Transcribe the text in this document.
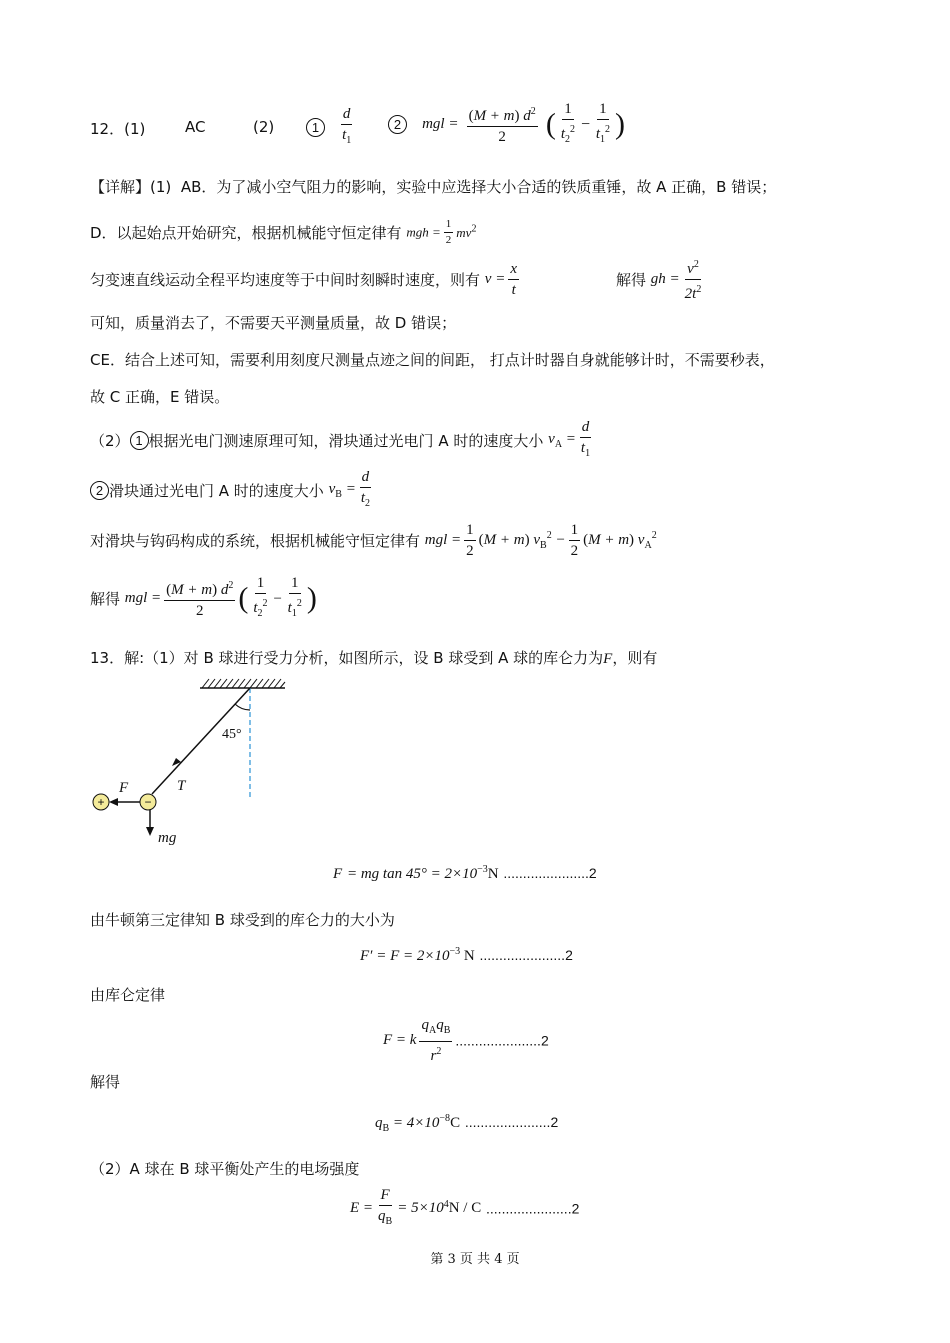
12．(1)	AC	(2)	$1 \frac{d}{t_1}$	2 mgl = $\frac{(M + m) d^2}{2}$ ( $\frac{1}{t_2^2} - \frac{1}{t_1^2}$ )
【详解】(1) AB．为了减小空气阻力的影响，实验中应选择大小合适的铁质重锤，故 A 正确，B 错误；
D．以起始点开始研究，根据机械能守恒定律有 mgh = $\frac{1}{2} mv^2$
匀变速直线运动全程平均速度等于中间时刻瞬时速度，则有 $v = \frac{x}{t}$	解得 gh = $\frac{v^2}{2t^2}$
可知，质量消去了，不需要天平测量质量，故 D 错误；
CE．结合上述可知，需要利用刻度尺测量点迹之间的间距， 打点计时器自身就能够计时，不需要秒表，
故 C 正确，E 错误。
（2） 1 根据光电门测速原理可知，滑块通过光电门 A 时的速度大小 $v_A = \frac{d}{t_1}$
2 滑块通过光电门 A 时的速度大小 $v_B = \frac{d}{t_2}$
对滑块与钩码构成的系统，根据机械能守恒定律有 mgl = $\frac{1}{2} (M + m) v_B^2 - \frac{1}{2} (M + m)$ $v_A^2$
解得 mgl = $\frac{(M + m) d^2}{2}$ ( $\frac{1}{t_2^2} - \frac{1}{t_1^2}$ )
13．解:（1）对 B 球进行受力分析，如图所示，设 B 球受到 A 球的库仑力为F，则有
45°
F	T
mg
+	−
F = mg $\tan 45^\circ = 2\times 10^{-3}N$ ......................2
由牛顿第三定律知 B 球受到的库仑力的大小为
$F' = F = 2\times 10^{-3}$ N ......................2
由库仑定律
F = k $\frac{q_Aq_B}{r^2} ......................2$
解得
$q_B = 4\times 10^{-8}C$ ......................2
（2）A 球在 B 球平衡处产生的电场强度
$E = \frac{F}{q_B} = 5\times 10^4N / C$ ......................2
第 3 页 共 4 页
